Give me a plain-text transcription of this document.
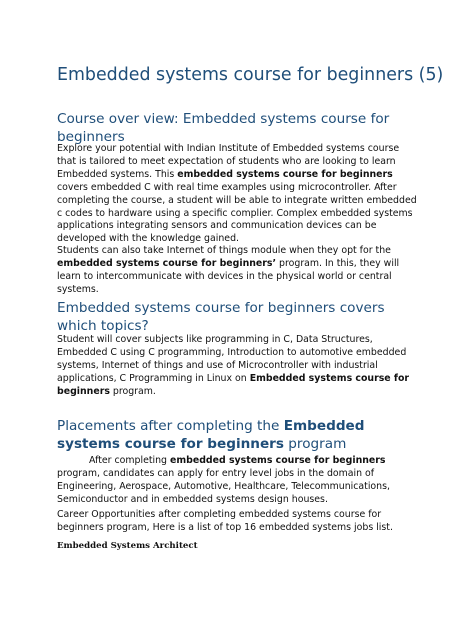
Embedded systems course for beginners (5)
Course over view: Embedded systems course for beginners

Explore your potential with Indian Institute of Embedded systems course that is tailored to meet expectation of students who are looking to learn Embedded systems. This embedded systems course for beginners covers embedded C with real time examples using microcontroller. After completing the course, a student will be able to integrate written embedded c codes to hardware using a specific complier. Complex embedded systems applications integrating sensors and communication devices can be developed with the knowledge gained.

Students can also take Internet of things module when they opt for the embedded systems course for beginners’ program. In this, they will learn to intercommunicate with devices in the physical world or central systems.

Embedded systems course for beginners covers which topics?

Student will cover subjects like programming in C, Data Structures, Embedded C using C programming, Introduction to automotive embedded systems, Internet of things and use of Microcontroller with industrial applications, C Programming in Linux on Embedded systems course for beginners program.

Placements after completing the Embedded systems course for beginners program

After completing embedded systems course for beginners program, candidates can apply for entry level jobs in the domain of Engineering, Aerospace, Automotive, Healthcare, Telecommunications, Semiconductor and in embedded systems design houses.

Career Opportunities after completing embedded systems course for beginners program, Here is a list of top 16 embedded systems jobs list.

Embedded Systems Architect
